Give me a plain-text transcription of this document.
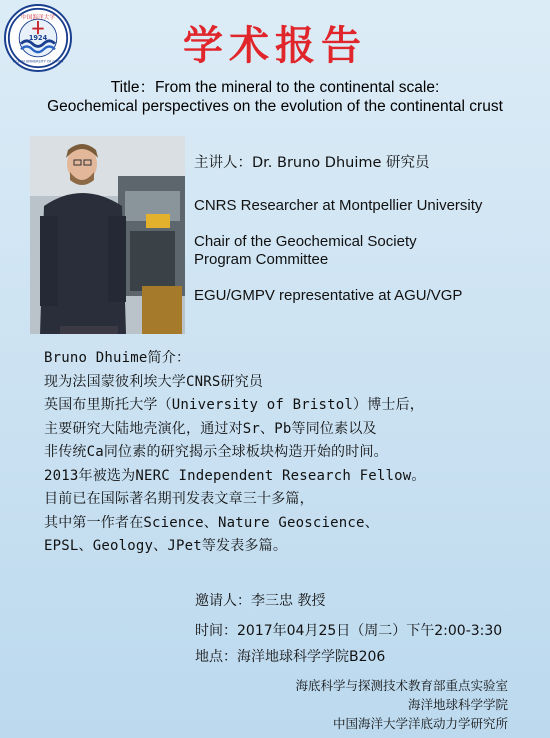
中国海洋大学
1924
OCEAN UNIVERSITY OF CHINA	学术报告
Title：From the mineral to the continental scale:
Geochemical perspectives on the evolution of the continental crust
主讲人：Dr. Bruno Dhuime 研究员
CNRS Researcher at Montpellier University
Chair of the Geochemical Society
Program Committee
EGU/GMPV representative at AGU/VGP
Bruno Dhuime简介：
现为法国蒙彼利埃大学CNRS研究员
英国布里斯托大学（University of Bristol）博士后，
主要研究大陆地壳演化，通过对Sr、Pb等同位素以及
非传统Ca同位素的研究揭示全球板块构造开始的时间。
2013年被选为NERC Independent Research Fellow。
目前已在国际著名期刊发表文章三十多篇，
其中第一作者在Science、Nature Geoscience、
EPSL、Geology、JPet等发表多篇。
邀请人：李三忠 教授
时间：2017年04月25日（周二）下午2:00-3:30
地点：海洋地球科学学院B206
海底科学与探测技术教育部重点实验室
海洋地球科学学院
中国海洋大学洋底动力学研究所
